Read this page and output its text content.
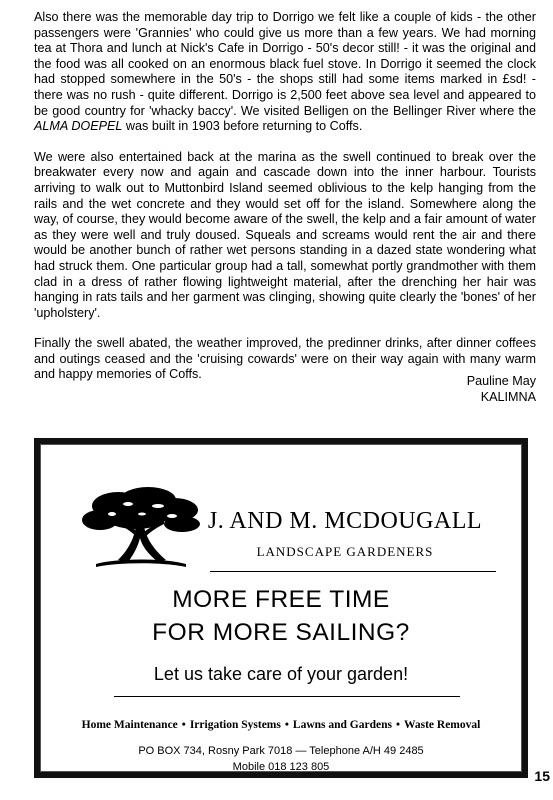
Also there was the memorable day trip to Dorrigo we felt like a couple of kids - the other passengers were 'Grannies' who could give us more than a few years. We had morning tea at Thora and lunch at Nick's Cafe in Dorrigo - 50's decor still! - it was the original and the food was all cooked on an enormous black fuel stove. In Dorrigo it seemed the clock had stopped somewhere in the 50's - the shops still had some items marked in £sd! - there was no rush - quite different. Dorrigo is 2,500 feet above sea level and appeared to be good country for 'whacky baccy'. We visited Belligen on the Bellinger River where the ALMA DOEPEL was built in 1903 before returning to Coffs.

We were also entertained back at the marina as the swell continued to break over the breakwater every now and again and cascade down into the inner harbour. Tourists arriving to walk out to Muttonbird Island seemed oblivious to the kelp hanging from the rails and the wet concrete and they would set off for the island. Somewhere along the way, of course, they would become aware of the swell, the kelp and a fair amount of water as they were well and truly doused. Squeals and screams would rent the air and there would be another bunch of rather wet persons standing in a dazed state wondering what had struck them. One particular group had a tall, somewhat portly grandmother with them clad in a dress of rather flowing lightweight material, after the drenching her hair was hanging in rats tails and her garment was clinging, showing quite clearly the 'bones' of her 'upholstery'.

Finally the swell abated, the weather improved, the predinner drinks, after dinner coffees and outings ceased and the 'cruising cowards' were on their way again with many warm and happy memories of Coffs.	Pauline May
KALIMNA
J. AND M. MCDOUGALL
LANDSCAPE GARDENERS
MORE FREE TIME
FOR MORE SAILING?
Let us take care of your garden!
Home Maintenance • Irrigation Systems • Lawns and Gardens • Waste Removal
PO BOX 734, Rosny Park 7018 — Telephone A/H 49 2485
Mobile 018 123 805
15
